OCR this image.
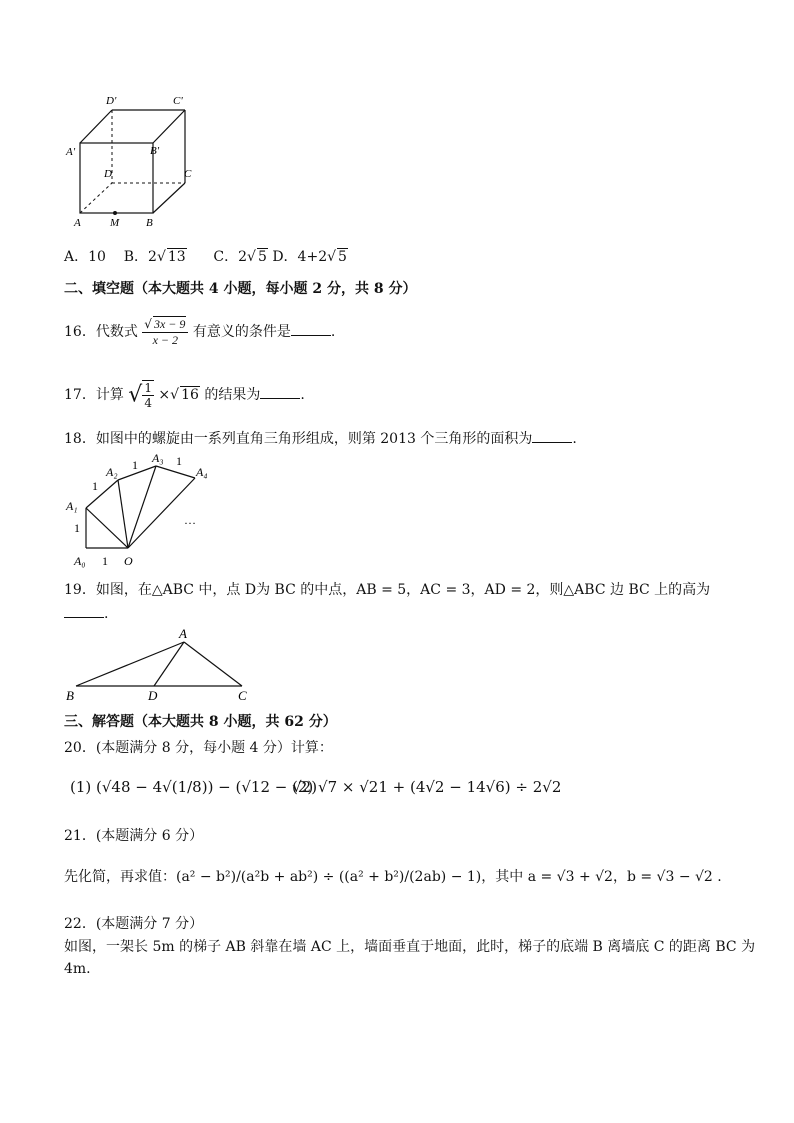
D'	C'
A'	B'
D	C
A	M B
A．10 B．2√ 13 C．2√ 5 D．4+2√ 5
二、填空题（本大题共 4 小题，每小题 2 分，共 8 分）
16．代数式 $\frac{√ 3x - 9}{x - 2}$ 有意义的条件是	.
17．计算 √ $\frac{1}{4}$ ×√ 16 的结果为	.
18．如图中的螺旋由一系列直角三角形组成，则第 2013 个三角形的面积为	.
A₁
A₂
A₃
A₄
A₀	O
1
1
1
1	1
…
19．如图，在△ABC 中，点 D为 BC 的中点，AB = 5，AC = 3，AD = 2，则△ABC 边 BC 上的高为
.
A
B	D	C
三、解答题（本大题共 8 小题，共 62 分）
20．(本题满分 8 分，每小题 4 分）计算：
(1) (√48 − 4√(1/8)) − (√12 − √2)
(2) √7 × √21 + (4√2 − 14√6) ÷ 2√2
21．(本题满分 6 分）
先化简，再求值：(a² − b²)/(a²b + ab²) ÷ ((a² + b²)/(2ab) − 1)，其中 a = √3 + √2，b = √3 − √2 .
22．(本题满分 7 分）
如图，一架长 5m 的梯子 AB 斜靠在墙 AC 上，墙面垂直于地面，此时，梯子的底端 B 离墙底 C 的距离 BC 为
4m.
